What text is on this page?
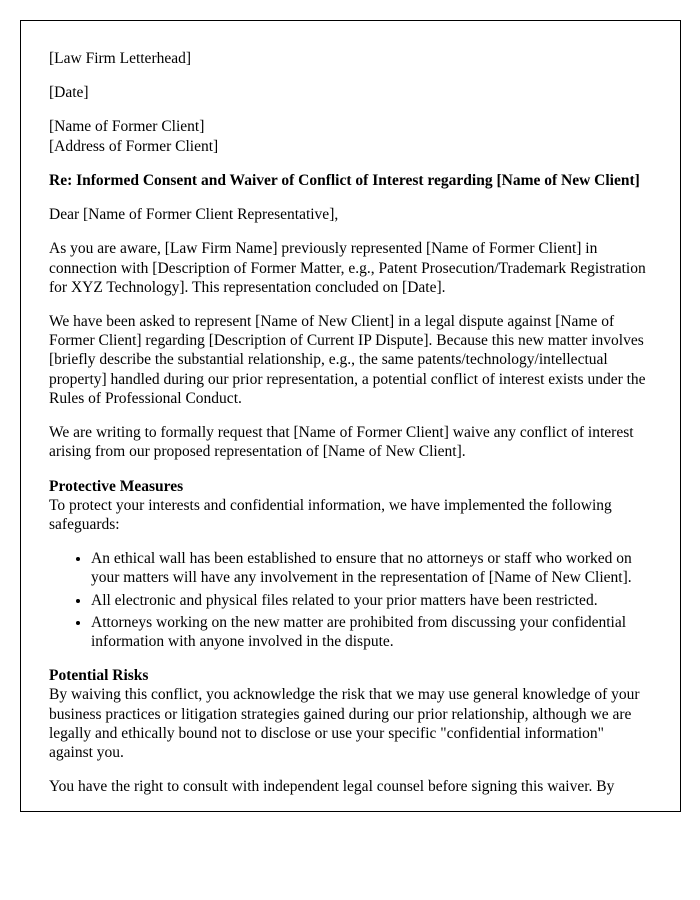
[Law Firm Letterhead]

[Date]

[Name of Former Client]

[Address of Former Client]

Re: Informed Consent and Waiver of Conflict of Interest regarding [Name of New Client]

Dear [Name of Former Client Representative],

As you are aware, [Law Firm Name] previously represented [Name of Former Client] in connection with [Description of Former Matter, e.g., Patent Prosecution/Trademark Registration for XYZ Technology]. This representation concluded on [Date].

We have been asked to represent [Name of New Client] in a legal dispute against [Name of Former Client] regarding [Description of Current IP Dispute]. Because this new matter involves [briefly describe the substantial relationship, e.g., the same patents/technology/intellectual property] handled during our prior representation, a potential conflict of interest exists under the Rules of Professional Conduct.

We are writing to formally request that [Name of Former Client] waive any conflict of interest arising from our proposed representation of [Name of New Client].

Protective Measures

To protect your interests and confidential information, we have implemented the following safeguards:

• An ethical wall has been established to ensure that no attorneys or staff who worked on your matters will have any involvement in the representation of [Name of New Client].
• All electronic and physical files related to your prior matters have been restricted.
• Attorneys working on the new matter are prohibited from discussing your confidential information with anyone involved in the dispute.

Potential Risks

By waiving this conflict, you acknowledge the risk that we may use general knowledge of your business practices or litigation strategies gained during our prior relationship, although we are legally and ethically bound not to disclose or use your specific "confidential information" against you.

You have the right to consult with independent legal counsel before signing this waiver. By
